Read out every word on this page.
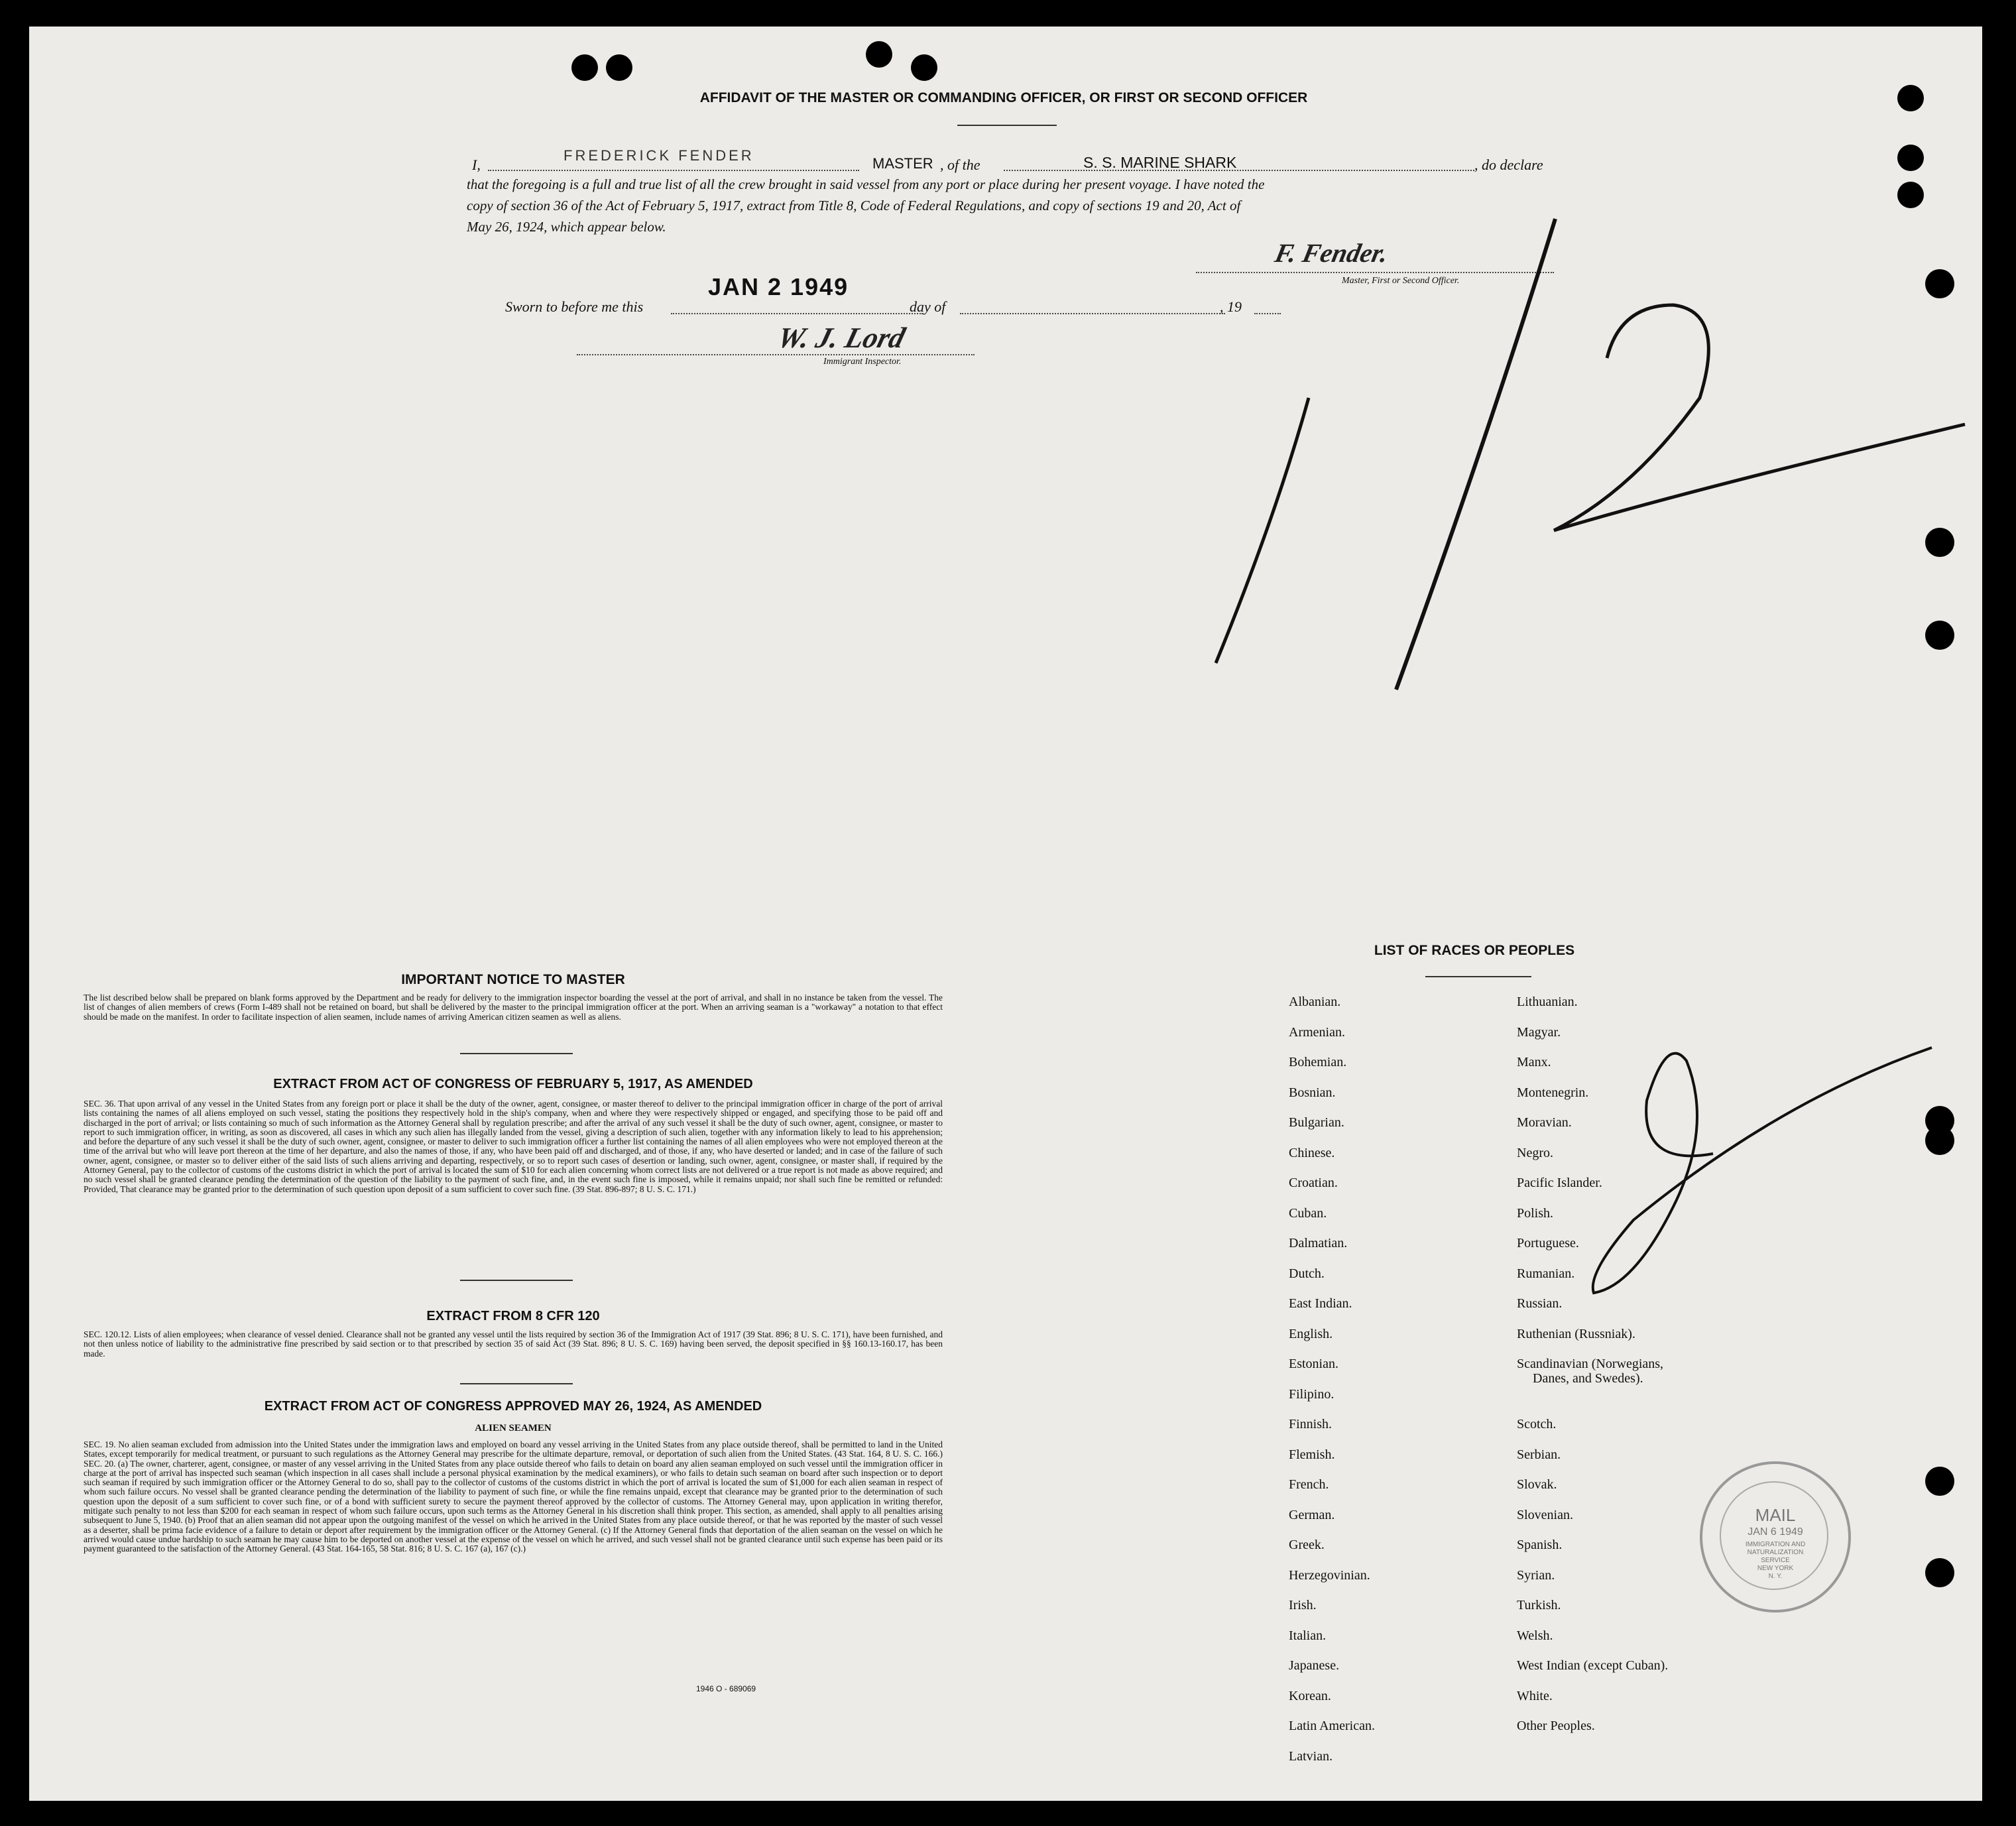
AFFIDAVIT OF THE MASTER OR COMMANDING OFFICER, OR FIRST OR SECOND OFFICER
I,
FREDERICK FENDER	MASTER , of the	S. S. MARINE SHARK	, do declare
that the foregoing is a full and true list of all the crew brought in said vessel from any port or place during her present voyage. I have noted the
copy of section 36 of the Act of February 5, 1917, extract from Title 8, Code of Federal Regulations, and copy of sections 19 and 20, Act of
May 26, 1924, which appear below.
F. Fender.
Master, First or Second Officer.
Sworn to before me this
JAN 2 1949
day of	, 19
W. J. Lord
Immigrant Inspector.
IMPORTANT NOTICE TO MASTER
The list described below shall be prepared on blank forms approved by the Department and be ready for delivery to the immigration inspector boarding the vessel at the port of arrival, and shall in no instance be taken from the vessel. The list of changes of alien members of crews (Form I-489 shall not be retained on board, but shall be delivered by the master to the principal immigration officer at the port. When an arriving seaman is a "workaway" a notation to that effect should be made on the manifest. In order to facilitate inspection of alien seamen, include names of arriving American citizen seamen as well as aliens.
EXTRACT FROM ACT OF CONGRESS OF FEBRUARY 5, 1917, AS AMENDED
SEC. 36. That upon arrival of any vessel in the United States from any foreign port or place it shall be the duty of the owner, agent, consignee, or master thereof to deliver to the principal immigration officer in charge of the port of arrival lists containing the names of all aliens employed on such vessel, stating the positions they respectively hold in the ship's company, when and where they were respectively shipped or engaged, and specifying those to be paid off and discharged in the port of arrival; or lists containing so much of such information as the Attorney General shall by regulation prescribe; and after the arrival of any such vessel it shall be the duty of such owner, agent, consignee, or master to report to such immigration officer, in writing, as soon as discovered, all cases in which any such alien has illegally landed from the vessel, giving a description of such alien, together with any information likely to lead to his apprehension; and before the departure of any such vessel it shall be the duty of such owner, agent, consignee, or master to deliver to such immigration officer a further list containing the names of all alien employees who were not employed thereon at the time of the arrival but who will leave port thereon at the time of her departure, and also the names of those, if any, who have been paid off and discharged, and of those, if any, who have deserted or landed; and in case of the failure of such owner, agent, consignee, or master so to deliver either of the said lists of such aliens arriving and departing, respectively, or so to report such cases of desertion or landing, such owner, agent, consignee, or master shall, if required by the Attorney General, pay to the collector of customs of the customs district in which the port of arrival is located the sum of $10 for each alien concerning whom correct lists are not delivered or a true report is not made as above required; and no such vessel shall be granted clearance pending the determination of the question of the liability to the payment of such fine, and, in the event such fine is imposed, while it remains unpaid; nor shall such fine be remitted or refunded: Provided, That clearance may be granted prior to the determination of such question upon deposit of a sum sufficient to cover such fine. (39 Stat. 896-897; 8 U. S. C. 171.)
EXTRACT FROM 8 CFR 120
SEC. 120.12. Lists of alien employees; when clearance of vessel denied. Clearance shall not be granted any vessel until the lists required by section 36 of the Immigration Act of 1917 (39 Stat. 896; 8 U. S. C. 171), have been furnished, and not then unless notice of liability to the administrative fine prescribed by said section or to that prescribed by section 35 of said Act (39 Stat. 896; 8 U. S. C. 169) having been served, the deposit specified in §§ 160.13-160.17, has been made.
EXTRACT FROM ACT OF CONGRESS APPROVED MAY 26, 1924, AS AMENDED
ALIEN SEAMEN
SEC. 19. No alien seaman excluded from admission into the United States under the immigration laws and employed on board any vessel arriving in the United States from any place outside thereof, shall be permitted to land in the United States, except temporarily for medical treatment, or pursuant to such regulations as the Attorney General may prescribe for the ultimate departure, removal, or deportation of such alien from the United States. (43 Stat. 164, 8 U. S. C. 166.) SEC. 20. (a) The owner, charterer, agent, consignee, or master of any vessel arriving in the United States from any place outside thereof who fails to detain on board any alien seaman employed on such vessel until the immigration officer in charge at the port of arrival has inspected such seaman (which inspection in all cases shall include a personal physical examination by the medical examiners), or who fails to detain such seaman on board after such inspection or to deport such seaman if required by such immigration officer or the Attorney General to do so, shall pay to the collector of customs of the customs district in which the port of arrival is located the sum of $1,000 for each alien seaman in respect of whom such failure occurs. No vessel shall be granted clearance pending the determination of the liability to payment of such fine, or while the fine remains unpaid, except that clearance may be granted prior to the determination of such question upon the deposit of a sum sufficient to cover such fine, or of a bond with sufficient surety to secure the payment thereof approved by the collector of customs. The Attorney General may, upon application in writing therefor, mitigate such penalty to not less than $200 for each seaman in respect of whom such failure occurs, upon such terms as the Attorney General in his discretion shall think proper. This section, as amended, shall apply to all penalties arising subsequent to June 5, 1940. (b) Proof that an alien seaman did not appear upon the outgoing manifest of the vessel on which he arrived in the United States from any place outside thereof, or that he was reported by the master of such vessel as a deserter, shall be prima facie evidence of a failure to detain or deport after requirement by the immigration officer or the Attorney General. (c) If the Attorney General finds that deportation of the alien seaman on the vessel on which he arrived would cause undue hardship to such seaman he may cause him to be deported on another vessel at the expense of the vessel on which he arrived, and such vessel shall not be granted clearance until such expense has been paid or its payment guaranteed to the satisfaction of the Attorney General. (43 Stat. 164-165, 58 Stat. 816; 8 U. S. C. 167 (a), 167 (c).)
1946 O - 689069
LIST OF RACES OR PEOPLES
Albanian.
Armenian.
Bohemian.
Bosnian.
Bulgarian.
Chinese.
Croatian.
Cuban.
Dalmatian.
Dutch.
East Indian.
English.
Estonian.
Filipino.
Finnish.
Flemish.
French.
German.
Greek.
Herzegovinian.
Irish.
Italian.
Japanese.
Korean.
Latin American.
Latvian.
Lithuanian.
Magyar.
Manx.
Montenegrin.
Moravian.
Negro.
Pacific Islander.
Polish.
Portuguese.
Rumanian.
Russian.
Ruthenian (Russniak).
Scandinavian (Norwegians,
Danes, and Swedes).
Scotch.
Serbian.
Slovak.
Slovenian.
Spanish.
Syrian.
Turkish.
Welsh.
West Indian (except Cuban).
White.
Other Peoples.
MAIL
JAN 6 1949
IMMIGRATION AND
NATURALIZATION
SERVICE
NEW YORK
N. Y.
